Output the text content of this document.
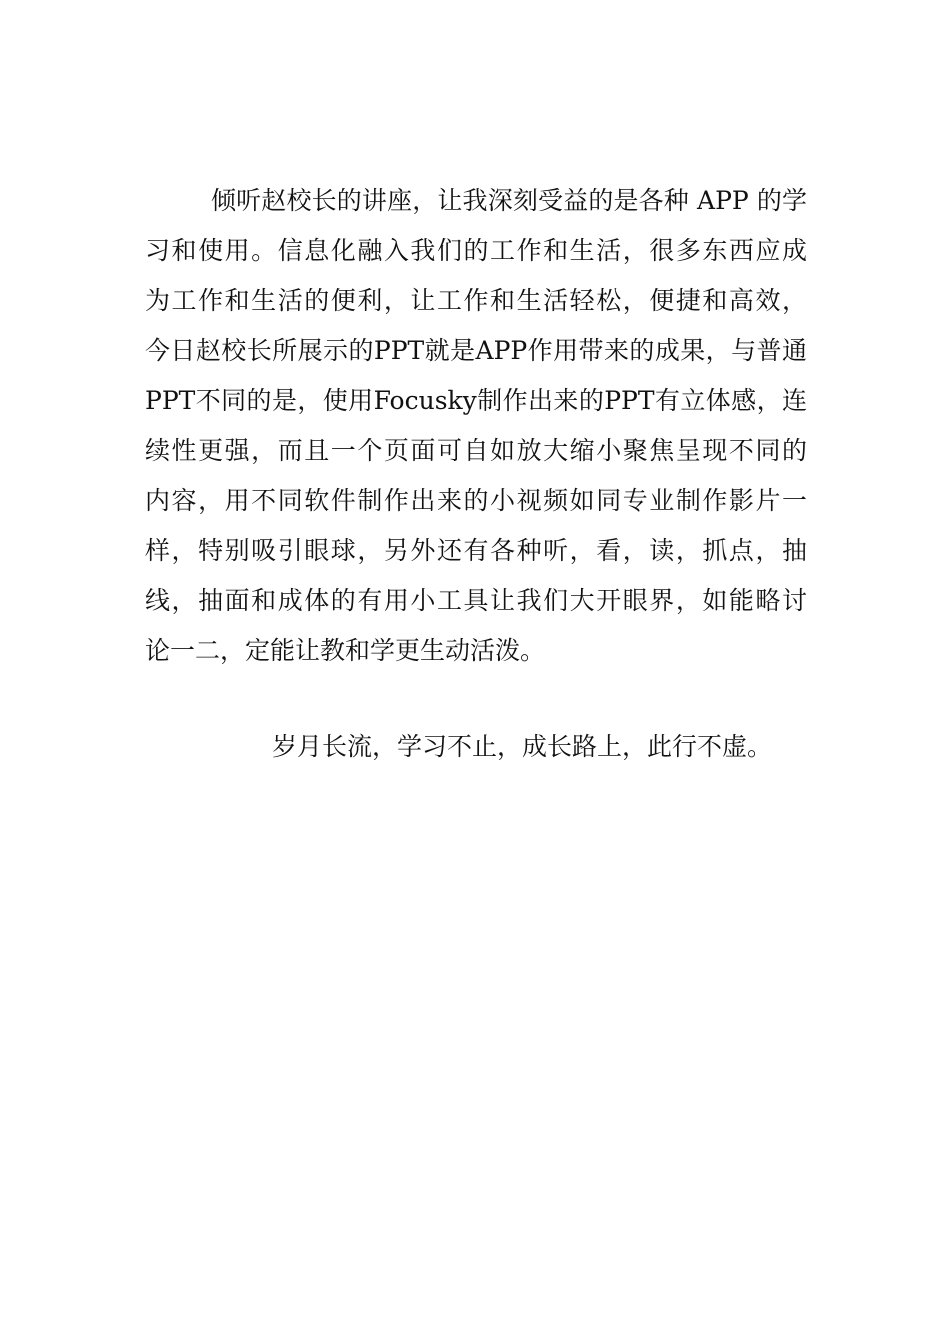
倾听赵校长的讲座，让我深刻受益的是各种 APP 的学
习和使用。信息化融入我们的工作和生活，很多东西应成
为工作和生活的便利，让工作和生活轻松，便捷和高效，
今日赵校长所展示的PPT就是APP作用带来的成果，与普通
PPT不同的是，使用Focusky制作出来的PPT有立体感，连
续性更强，而且一个页面可自如放大缩小聚焦呈现不同的
内容，用不同软件制作出来的小视频如同专业制作影片一
样，特别吸引眼球，另外还有各种听，看，读，抓点，抽
线，抽面和成体的有用小工具让我们大开眼界，如能略讨
论一二，定能让教和学更生动活泼。
岁月长流，学习不止，成长路上，此行不虚。
